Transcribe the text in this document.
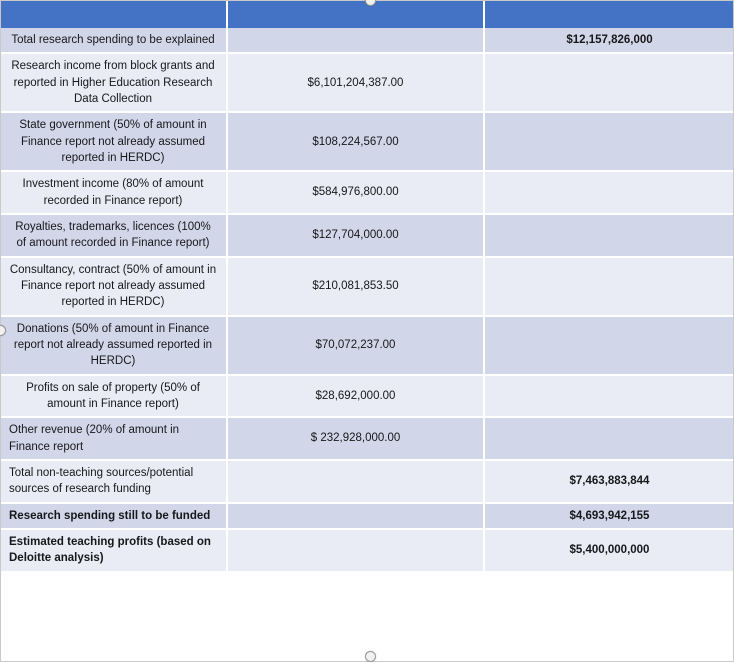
Total research spending to be explained		$12,157,826,000
Research income from block grants and reported in Higher Education Research Data Collection	$6,101,204,387.00	
State government (50% of amount in Finance report not already assumed reported in HERDC)	$108,224,567.00	
Investment income (80% of amount recorded in Finance report)	$584,976,800.00	
Royalties, trademarks, licences (100% of amount recorded in Finance report)	$127,704,000.00	
Consultancy, contract (50% of amount in Finance report not already assumed reported in HERDC)	$210,081,853.50	
Donations (50% of amount in Finance report not already assumed reported in HERDC)	$70,072,237.00	
Profits on sale of property (50% of amount in Finance report)	$28,692,000.00	
Other revenue (20% of amount in Finance report	$ 232,928,000.00	
Total non-teaching sources/potential sources of research funding		$7,463,883,844
Research spending still to be funded		$4,693,942,155
Estimated teaching profits (based on Deloitte analysis)		$5,400,000,000
